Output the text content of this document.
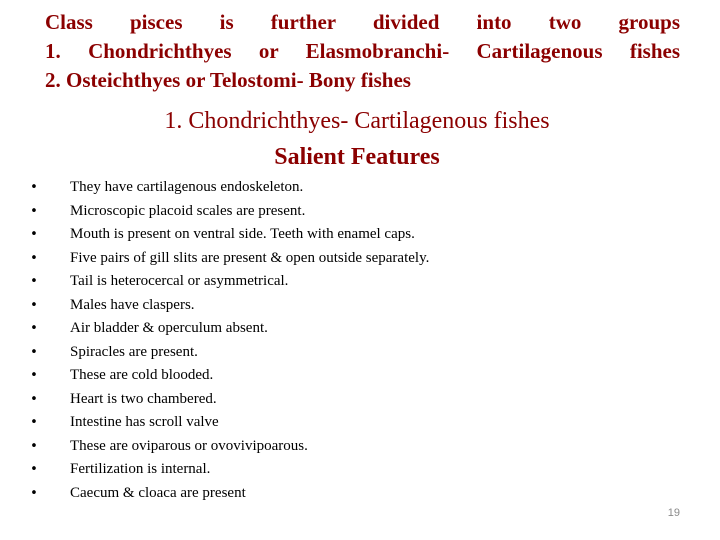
Class pisces is further divided into two groups
1. Chondrichthyes or Elasmobranchi- Cartilagenous fishes
2. Osteichthyes or Telostomi- Bony fishes
1. Chondrichthyes- Cartilagenous fishes
Salient Features
• They have cartilagenous endoskeleton.
• Microscopic placoid scales are present.
• Mouth is present on ventral side. Teeth with enamel caps.
• Five pairs of gill slits are present & open outside separately.
• Tail is heterocercal or asymmetrical.
• Males have claspers.
• Air bladder & operculum absent.
• Spiracles are present.
• These are cold blooded.
• Heart is two chambered.
• Intestine has scroll valve
• These are oviparous or ovovivipoarous.
• Fertilization is internal.
• Caecum & cloaca are present
19
